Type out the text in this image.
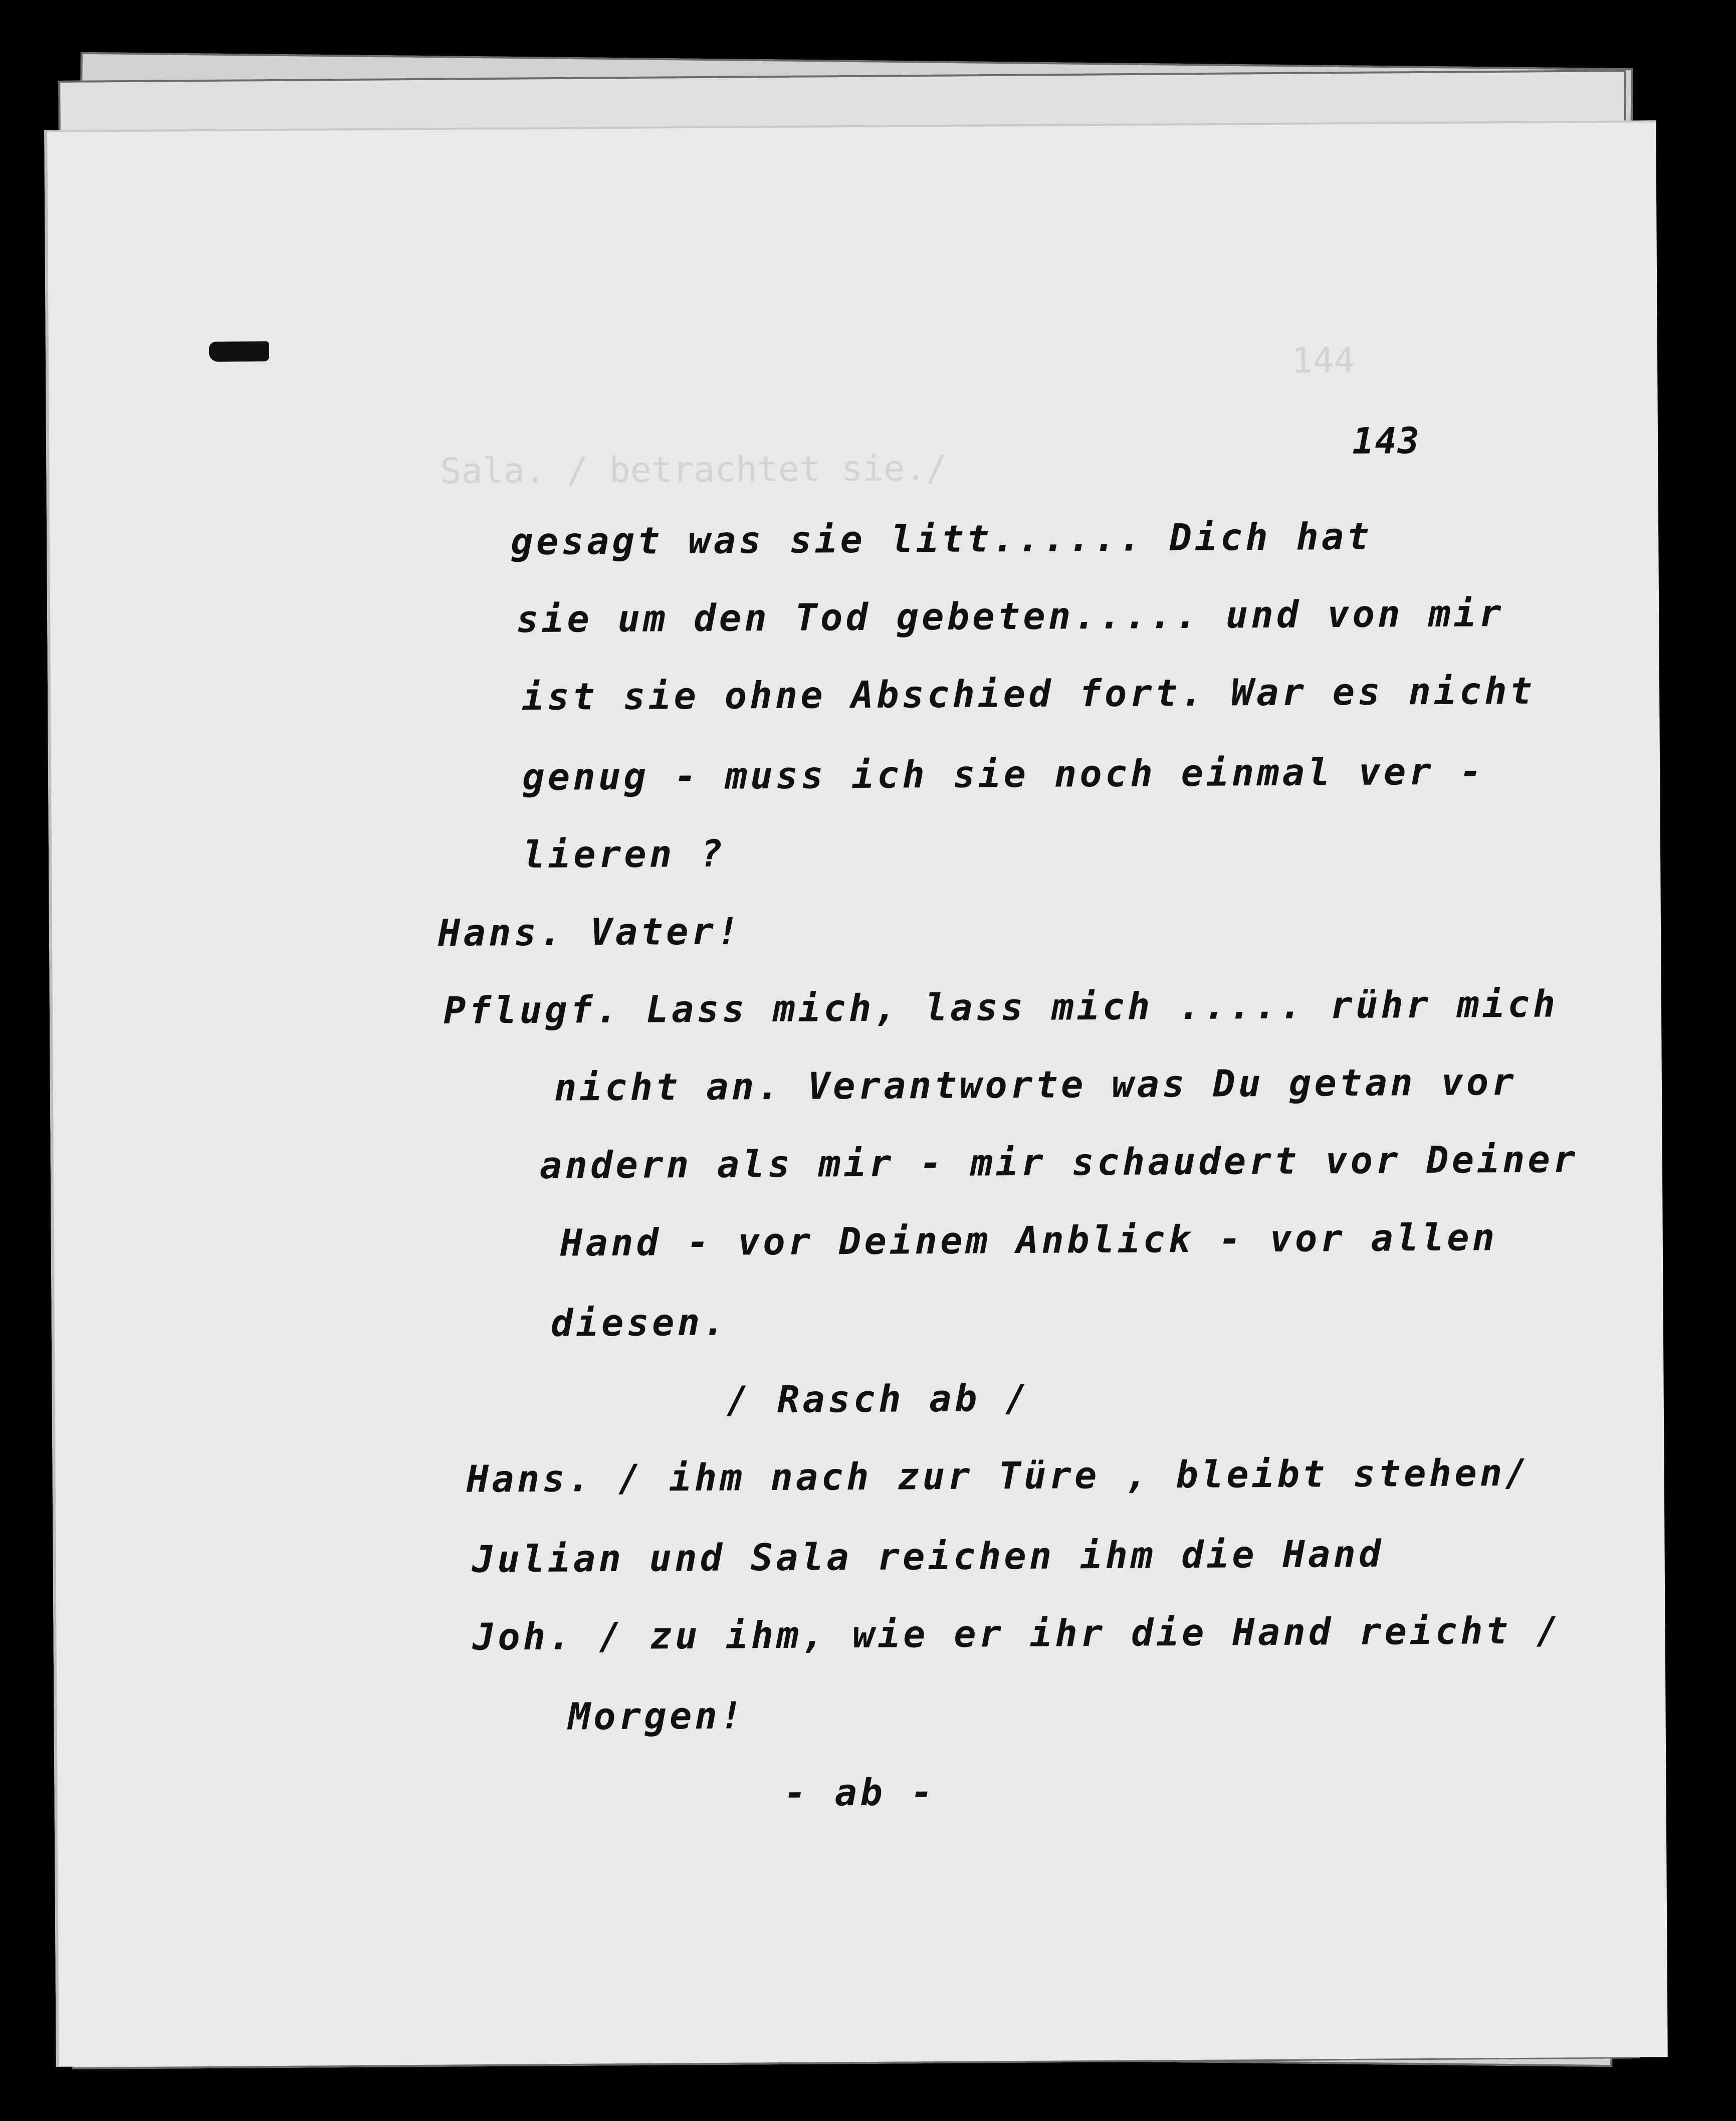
144
Sala. / betrachtet sie./
143
gesagt was sie litt...... Dich hat
sie um den Tod gebeten..... und von mir
ist sie ohne Abschied fort. War es nicht
genug - muss ich sie noch einmal ver -
lieren ?
Hans. Vater!
Pflugf. Lass mich, lass mich ..... rühr mich
nicht an. Verantworte was Du getan vor
andern als mir - mir schaudert vor Deiner
Hand - vor Deinem Anblick - vor allen
diesen.
/ Rasch ab /
Hans. / ihm nach zur Türe , bleibt stehen/
Julian und Sala reichen ihm die Hand
Joh. / zu ihm, wie er ihr die Hand reicht /
Morgen!
- ab -
